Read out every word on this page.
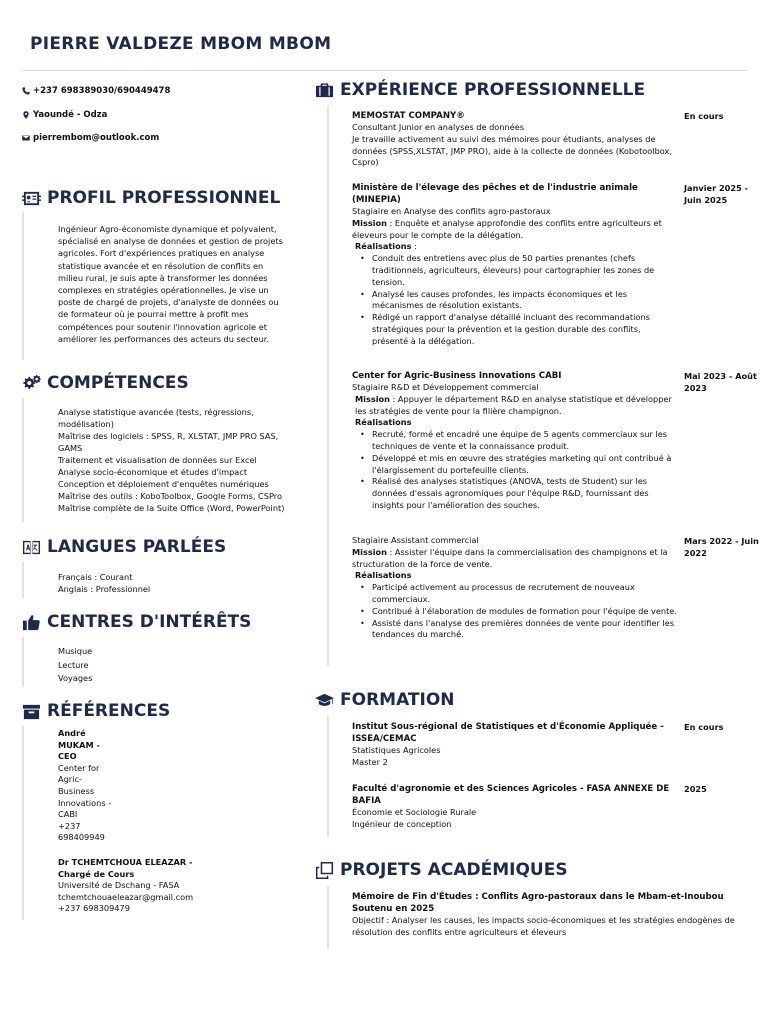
PIERRE VALDEZE MBOM MBOM
+237 698389030/690449478
Yaoundé - Odza
pierrembom@outlook.com
PROFIL PROFESSIONNEL
Ingénieur Agro-économiste dynamique et polyvalent, spécialisé en analyse de données et gestion de projets agricoles. Fort d'expériences pratiques en analyse statistique avancée et en résolution de conflits en milieu rural, je suis apte à transformer les données complexes en stratégies opérationnelles. Je vise un poste de chargé de projets, d'analyste de données ou de formateur où je pourrai mettre à profit mes compétences pour soutenir l'innovation agricole et améliorer les performances des acteurs du secteur.
COMPÉTENCES
Analyse statistique avancée (tests, régressions, modélisation)
Maîtrise des logiciels : SPSS, R, XLSTAT, JMP PRO SAS, GAMS
Traitement et visualisation de données sur Excel
Analyse socio-économique et études d'impact
Conception et déploiement d'enquêtes numériques
Maîtrise des outils : KoboToolbox, Google Forms, CSPro
Maîtrise complète de la Suite Office (Word, PowerPoint)
LANGUES PARLÉES
Français : Courant
Anglais : Professionnel
CENTRES D'INTÉRÊTS
Musique
Lecture
Voyages
RÉFÉRENCES
André MUKAM - CEO
Center for Agric-Business Innovations - CABI
+237 698409949
Dr TCHEMTCHOUA ELEAZAR - Chargé de Cours
Université de Dschang - FASA
tchemtchouaeleazar@gmail.com
+237 698309479
EXPÉRIENCE PROFESSIONNELLE
MEMOSTAT COMPANY®
Consultant Junior en analyses de données
Je travaille activement au suivi des mémoires pour étudiants, analyses de données (SPSS,XLSTAT, JMP PRO), aide à la collecte de données (Kobotoolbox, Cspro)
En cours
Ministère de l'élevage des pêches et de l'industrie animale (MINEPIA)
Stagiaire en Analyse des conflits agro-pastoraux
Mission : Enquête et analyse approfondie des conflits entre agriculteurs et éleveurs pour le compte de la délégation.
Réalisations :
• Conduit des entretiens avec plus de 50 parties prenantes (chefs traditionnels, agriculteurs, éleveurs) pour cartographier les zones de tension.
• Analysé les causes profondes, les impacts économiques et les mécanismes de résolution existants.
• Rédigé un rapport d'analyse détaillé incluant des recommandations stratégiques pour la prévention et la gestion durable des conflits, présenté à la délégation.
Janvier 2025 - Juin 2025
Center for Agric-Business Innovations CABI
Stagiaire R&D et Développement commercial
Mission : Appuyer le département R&D en analyse statistique et développer les stratégies de vente pour la filière champignon.
Réalisations
• Recruté, formé et encadré une équipe de 5 agents commerciaux sur les techniques de vente et la connaissance produit.
• Développé et mis en œuvre des stratégies marketing qui ont contribué à l'élargissement du portefeuille clients.
• Réalisé des analyses statistiques (ANOVA, tests de Student) sur les données d'essais agronomiques pour l'équipe R&D, fournissant des insights pour l'amélioration des souches.
Mai 2023 - Août 2023
Stagiaire Assistant commercial
Mission : Assister l'équipe dans la commercialisation des champignons et la structuration de la force de vente.
Réalisations
• Participé activement au processus de recrutement de nouveaux commerciaux.
• Contribué à l'élaboration de modules de formation pour l'équipe de vente.
• Assisté dans l'analyse des premières données de vente pour identifier les tendances du marché.
Mars 2022 - Juin 2022
FORMATION
Institut Sous-régional de Statistiques et d'Économie Appliquée - ISSEA/CEMAC
Statistiques Agricoles
Master 2
En cours
Faculté d'agronomie et des Sciences Agricoles - FASA ANNEXE DE BAFIA
Économie et Sociologie Rurale
Ingénieur de conception
2025
PROJETS ACADÉMIQUES
Mémoire de Fin d'Études : Conflits Agro-pastoraux dans le Mbam-et-Inoubou Soutenu en 2025
Objectif : Analyser les causes, les impacts socio-économiques et les stratégies endogènes de résolution des conflits entre agriculteurs et éleveurs
